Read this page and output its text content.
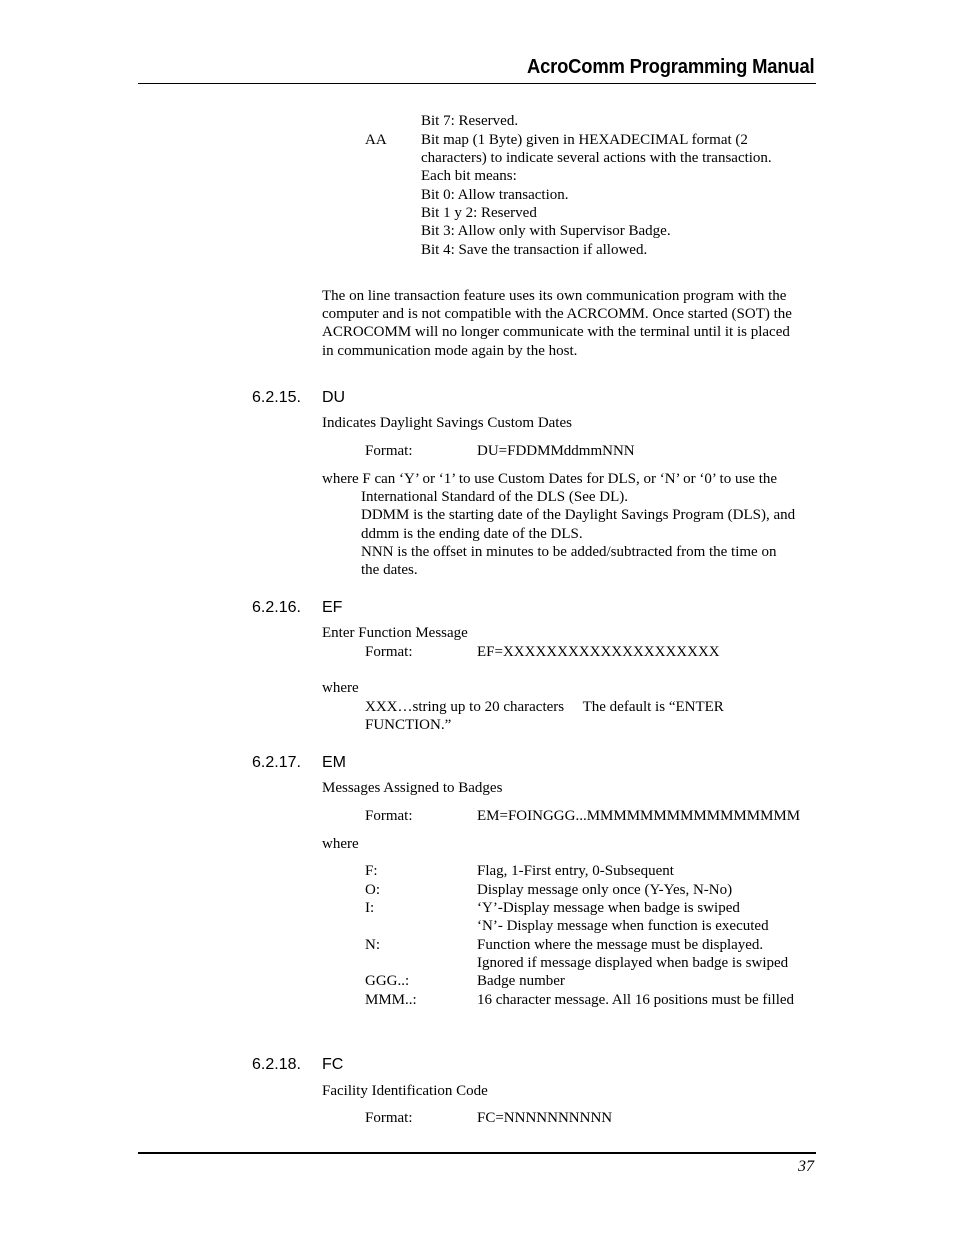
AcroComm Programming Manual
Bit 7: Reserved.
AA Bit map (1 Byte) given in HEXADECIMAL format (2
characters) to indicate several actions with the transaction.
Each bit means:
Bit 0: Allow transaction.
Bit 1 y 2: Reserved
Bit 3: Allow only with Supervisor Badge.
Bit 4: Save the transaction if allowed.
The on line transaction feature uses its own communication program with the
computer and is not compatible with the ACRCOMM. Once started (SOT) the
ACROCOMM will no longer communicate with the terminal until it is placed
in communication mode again by the host.
6.2.15. DU
Indicates Daylight Savings Custom Dates
Format:	DU=FDDMMddmmNNN
where F can ‘Y’ or ‘1’ to use Custom Dates for DLS, or ‘N’ or ‘0’ to use the
International Standard of the DLS (See DL).
DDMM is the starting date of the Daylight Savings Program (DLS), and
ddmm is the ending date of the DLS.
NNN is the offset in minutes to be added/subtracted from the time on
the dates.
6.2.16. EF
Enter Function Message
Format:	EF=XXXXXXXXXXXXXXXXXXXX
where
XXX…string up to 20 characters     The default is “ENTER
FUNCTION.”
6.2.17. EM
Messages Assigned to Badges
Format:	EM=FOINGGG...MMMMMMMMMMMMMMMM
where
F:	Flag, 1-First entry, 0-Subsequent
O:	Display message only once (Y-Yes, N-No)
I:	‘Y’-Display message when badge is swiped
‘N’- Display message when function is executed
N:	Function where the message must be displayed.
Ignored if message displayed when badge is swiped
GGG..:	Badge number
MMM..:	16 character message. All 16 positions must be filled
6.2.18. FC
Facility Identification Code
Format:	FC=NNNNNNNNNN
37
